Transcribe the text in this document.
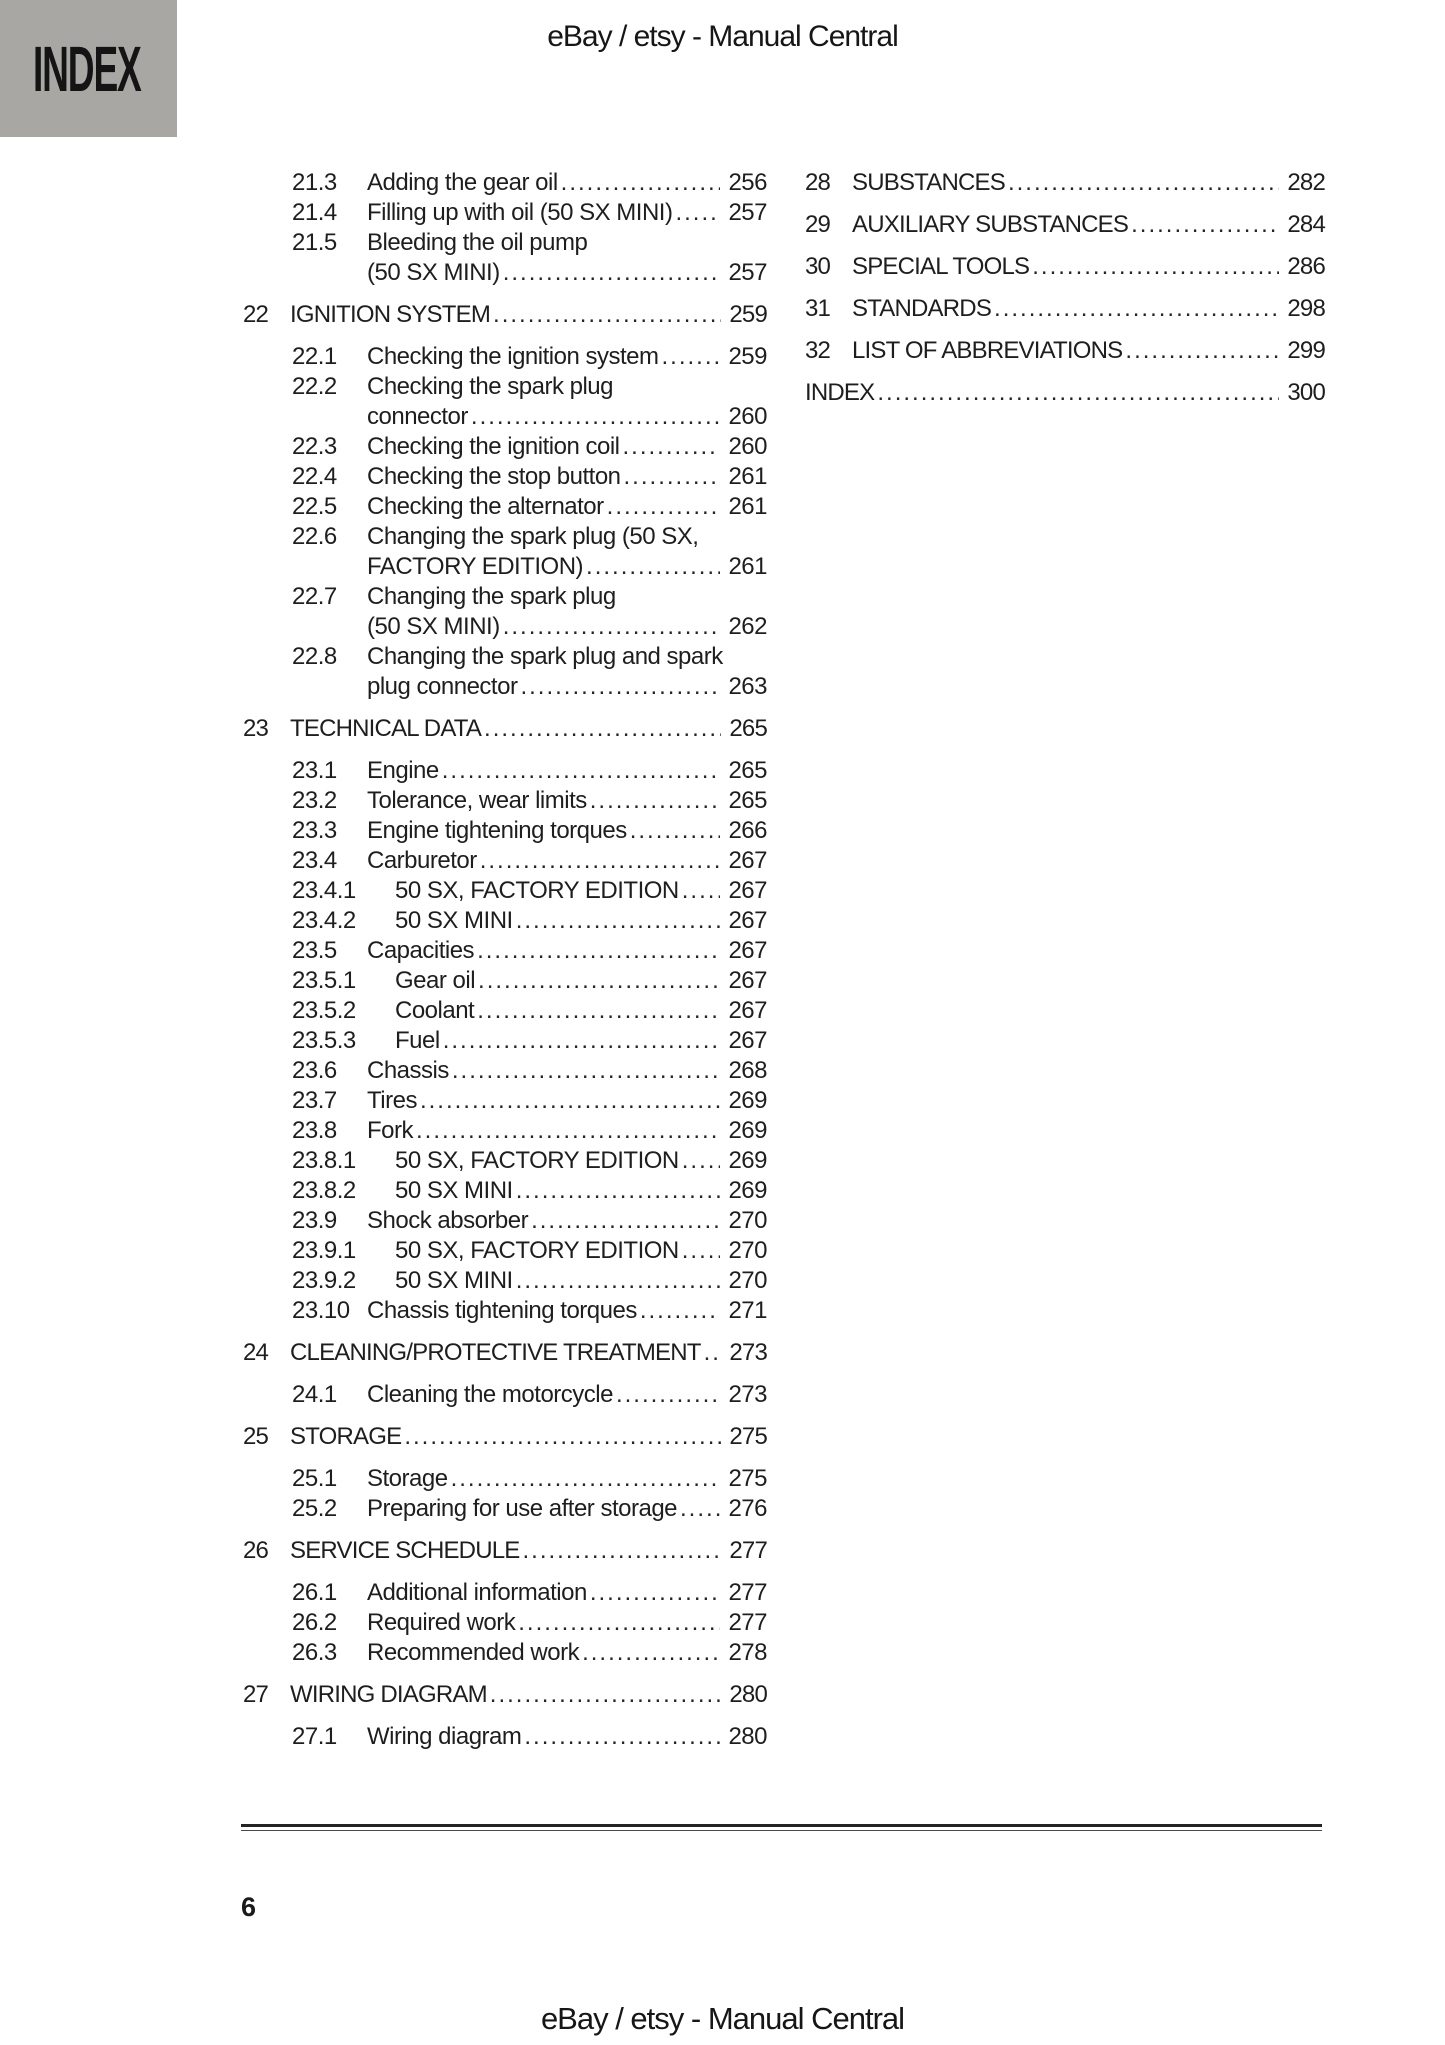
INDEX	eBay / etsy - Manual Central
21.3	Adding the gear oil .....	256
21.4	Filling up with oil (50 SX MINI) ..... 257
21.5	Bleeding the oil pump
(50 SX MINI) .....	257
22 IGNITION SYSTEM .....	259
22.1	Checking the ignition system .....	259
22.2	Checking the spark plug
connector .....	260
22.3	Checking the ignition coil .....	260
22.4	Checking the stop button .....	261
22.5	Checking the alternator .....	261
22.6	Changing the spark plug (50 SX,
FACTORY EDITION) .....	261
22.7	Changing the spark plug
(50 SX MINI) .....	262
22.8	Changing the spark plug and spark
plug connector .....	263
23 TECHNICAL DATA .....	265
23.1	Engine .....	265
23.2	Tolerance, wear limits .....	265
23.3	Engine tightening torques .....	266
23.4	Carburetor .....	267
23.4.1	50 SX, FACTORY EDITION ..... 267
23.4.2	50 SX MINI .....	267
23.5	Capacities .....	267
23.5.1	Gear oil .....	267
23.5.2	Coolant .....	267
23.5.3	Fuel .....	267
23.6	Chassis .....	268
23.7	Tires .....	269
23.8	Fork .....	269
23.8.1	50 SX, FACTORY EDITION ..... 269
23.8.2	50 SX MINI .....	269
23.9	Shock absorber .....	270
23.9.1	50 SX, FACTORY EDITION ..... 270
23.9.2	50 SX MINI .....	270
23.10 Chassis tightening torques .....	271
24 CLEANING/PROTECTIVE TREATMENT ..... 273
24.1	Cleaning the motorcycle .....	273
25 STORAGE .....	275
25.1	Storage .....	275
25.2	Preparing for use after storage ..... 276
26 SERVICE SCHEDULE .....	277
26.1	Additional information .....	277
26.2	Required work .....	277
26.3	Recommended work .....	278
27 WIRING DIAGRAM .....	280
27.1	Wiring diagram .....	280
28 SUBSTANCES .....	282
29 AUXILIARY SUBSTANCES .....	284
30 SPECIAL TOOLS .....	286
31 STANDARDS .....	298
32 LIST OF ABBREVIATIONS .....	299
INDEX .....	300
6
eBay / etsy - Manual Central
